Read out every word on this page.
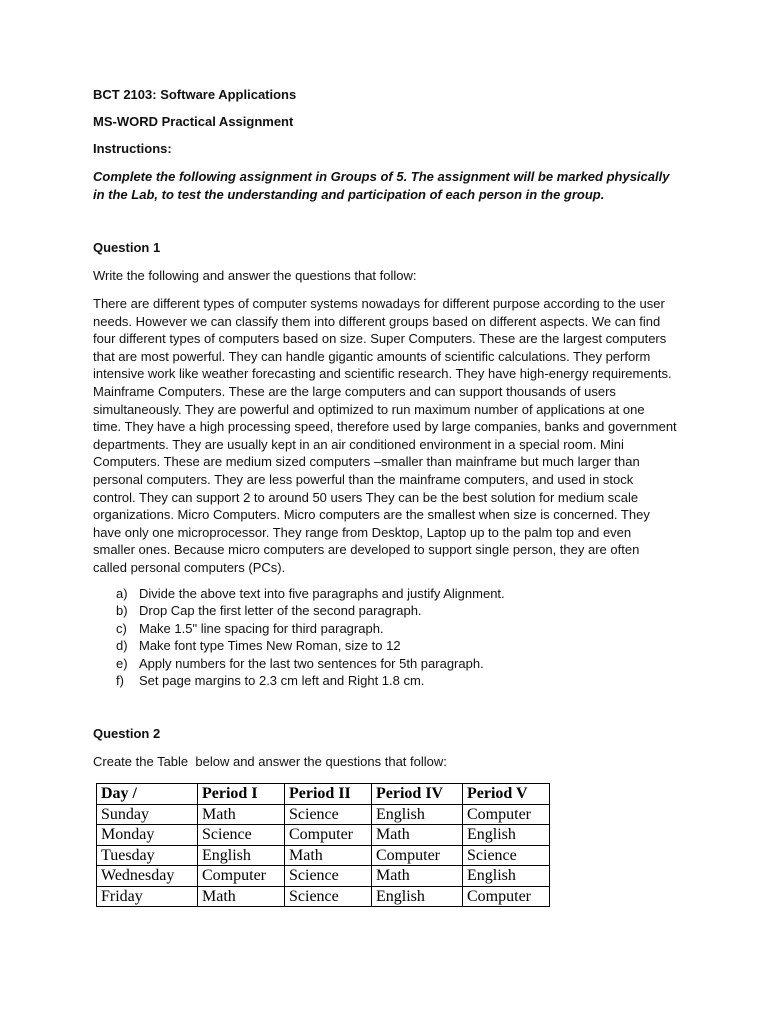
BCT 2103: Software Applications

MS-WORD Practical Assignment

Instructions:

Complete the following assignment in Groups of 5. The assignment will be marked physically in the Lab, to test the understanding and participation of each person in the group.

Question 1

Write the following and answer the questions that follow:

There are different types of computer systems nowadays for different purpose according to the user
needs. However we can classify them into different groups based on different aspects. We can find
four different types of computers based on size. Super Computers. These are the largest computers
that are most powerful. They can handle gigantic amounts of scientific calculations. They perform
intensive work like weather forecasting and scientific research. They have high-energy requirements.
Mainframe Computers. These are the large computers and can support thousands of users
simultaneously. They are powerful and optimized to run maximum number of applications at one
time. They have a high processing speed, therefore used by large companies, banks and government
departments. They are usually kept in an air conditioned environment in a special room. Mini
Computers. These are medium sized computers –smaller than mainframe but much larger than
personal computers. They are less powerful than the mainframe computers, and used in stock
control. They can support 2 to around 50 users They can be the best solution for medium scale
organizations. Micro Computers. Micro computers are the smallest when size is concerned. They
have only one microprocessor. They range from Desktop, Laptop up to the palm top and even
smaller ones. Because micro computers are developed to support single person, they are often
called personal computers (PCs).
a) Divide the above text into five paragraphs and justify Alignment.
b) Drop Cap the first letter of the second paragraph.
c) Make 1.5" line spacing for third paragraph.
d) Make font type Times New Roman, size to 12
e) Apply numbers for the last two sentences for 5th paragraph.
f)	Set page margins to 2.3 cm left and Right 1.8 cm.

Question 2

Create the Table  below and answer the questions that follow:

Day /	Period I	Period II	Period IV	Period V
Sunday	Math	Science	English	Computer
Monday	Science	Computer	Math	English
Tuesday	English	Math	Computer	Science
Wednesday	Computer	Science	Math	English
Friday	Math	Science	English	Computer
